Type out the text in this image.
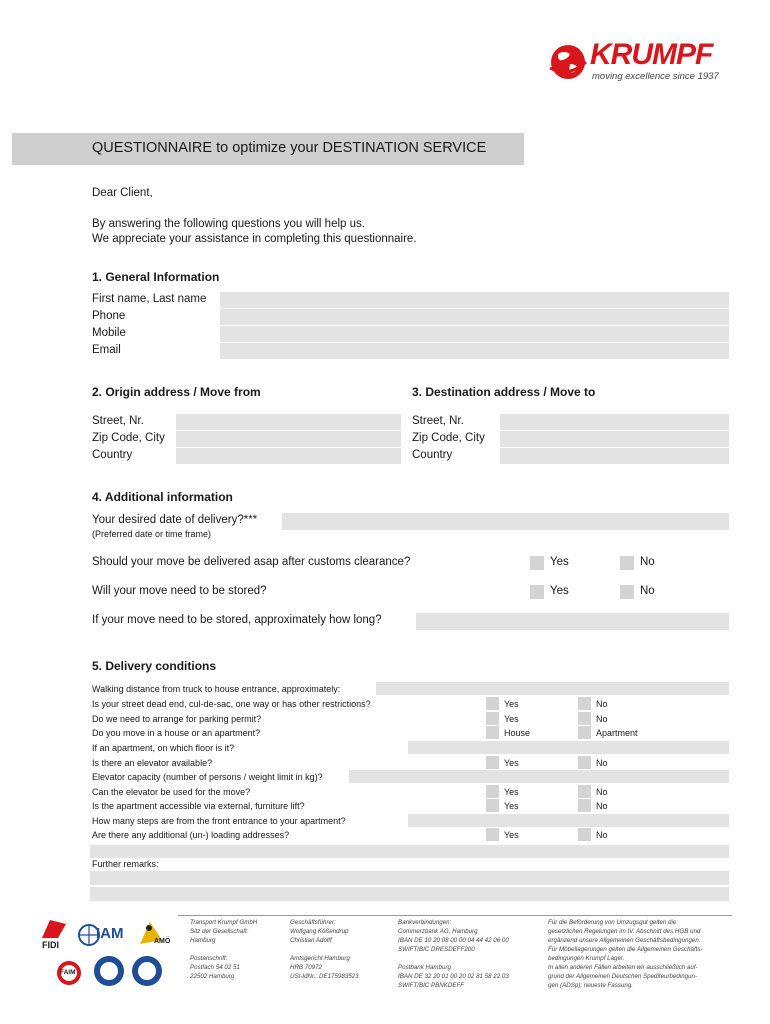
KRUMPF
moving excellence since 1937
QUESTIONNAIRE to optimize your DESTINATION SERVICE
Dear Client,
By answering the following questions you will help us.
We appreciate your assistance in completing this questionnaire.
1. General Information
First name, Last name
Phone
Mobile
Email
2. Origin address / Move from	3. Destination address / Move to
Street, Nr.
Zip Code, City
Country
Street, Nr.
Zip Code, City
Country
4. Additional information
Your desired date of delivery?***
(Preferred date or time frame)
Should your move be delivered asap after customs clearance?	Yes	No
Will your move need to be stored?	Yes	No
If your move need to be stored, approximately how long?
5. Delivery conditions
Walking distance from truck to house entrance, approximately:
Is your street dead end, cul-de-sac, one way or has other restrictions?	Yes	No
Do we need to arrange for parking permit?	Yes	No
Do you move in a house or an apartment?	House	Apartment
If an apartment, on which floor is it?
Is there an elevator available?	Yes	No
Elevator capacity (number of persons / weight limit in kg)?
Can the elevator be used for the move?	Yes	No
Is the apartment accessible via external, furniture lift?	Yes	No
How many steps are from the front entrance to your apartment?
Are there any additional (un-) loading addresses?	Yes	No
Further remarks:
FIDI
IAM	AMÖ
FAIM
Transport Krumpf GmbH
Sitz der Gesellschaft:
Hamburg

Postanschrift:
Postfach 54 02 51
22502 Hamburg
Geschäftsführer:
Wolfgang Kößendrup
Christian Adolff

Amtsgericht Hamburg
HRB 70972
USt-IdNr.: DE175983523
Bankverbindungen:
Commerzbank AG, Hamburg
IBAN DE 10 20 08 00 00 04 44 42 06 00
SWIFT/BIC DRESDEFF200

Postbank Hamburg
IBAN DE 32 20 01 00 20 02 81 58 22 03
SWIFT/BIC PBNKDEFF
Für die Beförderung von Umzugsgut gelten die
gesetzlichen Regelungen im IV. Abschnitt des HGB und
ergänzend unsere Allgemeinen Geschäftsbedingungen.
Für Möbellagerungen gelten die Allgemeinen Geschäfts-
bedingungen Krumpf Lager.
In allen anderen Fällen arbeiten wir ausschließlich auf-
grund der Allgemeinen Deutschen Spediteurbedingun-
gen (ADSp); neueste Fassung.
